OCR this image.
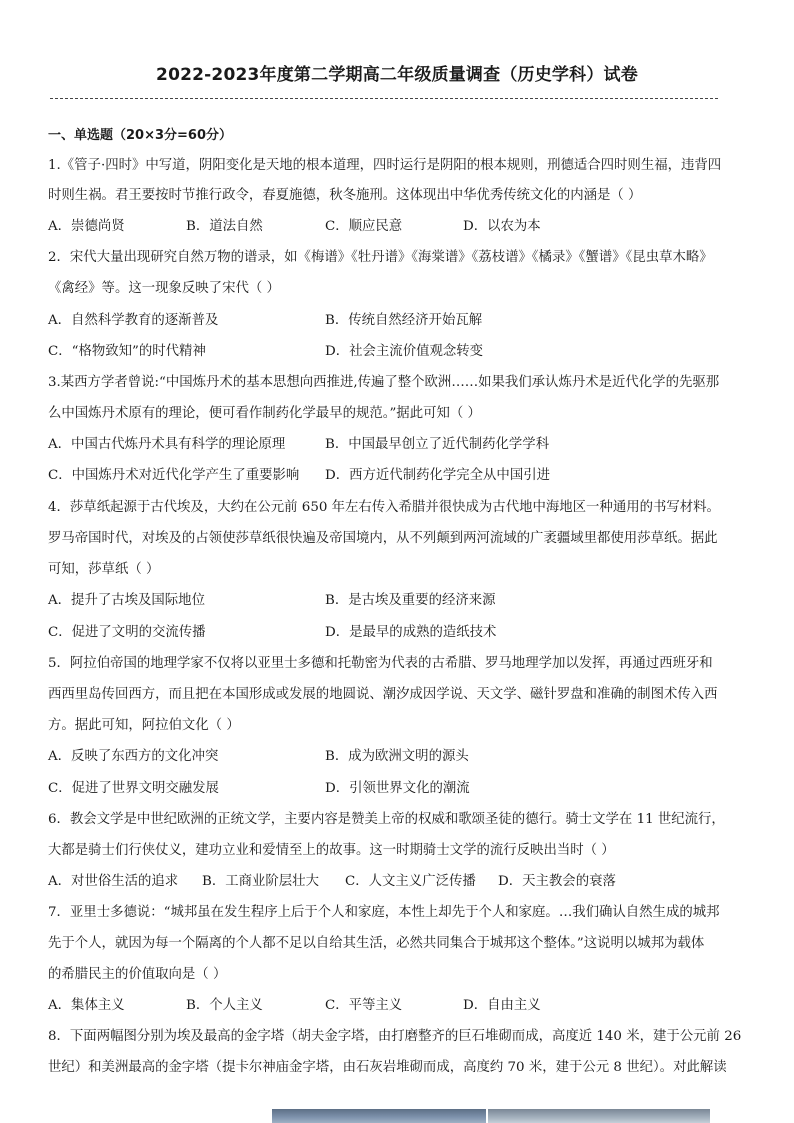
2022-2023年度第二学期高二年级质量调查（历史学科）试卷
一、单选题（20×3分=60分）
1.《管子·四时》中写道，阴阳变化是天地的根本道理，四时运行是阴阳的根本规则，刑德适合四时则生福，违背四
时则生祸。君王要按时节推行政令，春夏施德，秋冬施刑。这体现出中华优秀传统文化的内涵是（ ）
A．崇德尚贤	B．道法自然	C．顺应民意	D．以农为本
2．宋代大量出现研究自然万物的谱录，如《梅谱》《牡丹谱》《海棠谱》《荔枝谱》《橘录》《蟹谱》《昆虫草木略》
《禽经》等。这一现象反映了宋代（ ）
A．自然科学教育的逐渐普及	B．传统自然经济开始瓦解
C．“格物致知”的时代精神	D．社会主流价值观念转变
3.某西方学者曾说:“中国炼丹术的基本思想向西推进,传遍了整个欧洲……如果我们承认炼丹术是近代化学的先驱那
么中国炼丹术原有的理论，便可看作制药化学最早的规范。”据此可知（ ）
A．中国古代炼丹术具有科学的理论原理	B．中国最早创立了近代制药化学学科
C．中国炼丹术对近代化学产生了重要影响 D．西方近代制药化学完全从中国引进
4．莎草纸起源于古代埃及，大约在公元前 650 年左右传入希腊并很快成为古代地中海地区一种通用的书写材料。
罗马帝国时代，对埃及的占领使莎草纸很快遍及帝国境内，从不列颠到两河流域的广袤疆域里都使用莎草纸。据此
可知，莎草纸（ ）
A．提升了古埃及国际地位	B．是古埃及重要的经济来源
C．促进了文明的交流传播	D．是最早的成熟的造纸技术
5．阿拉伯帝国的地理学家不仅将以亚里士多德和托勒密为代表的古希腊、罗马地理学加以发挥，再通过西班牙和
西西里岛传回西方，而且把在本国形成或发展的地圆说、潮汐成因学说、天文学、磁针罗盘和准确的制图术传入西
方。据此可知，阿拉伯文化（ ）
A．反映了东西方的文化冲突	B．成为欧洲文明的源头
C．促进了世界文明交融发展	D．引领世界文化的潮流
6．教会文学是中世纪欧洲的正统文学，主要内容是赞美上帝的权威和歌颂圣徒的德行。骑士文学在 11 世纪流行，
大都是骑士们行侠仗义，建功立业和爱情至上的故事。这一时期骑士文学的流行反映出当时（ ）
A．对世俗生活的追求 B．工商业阶层壮大 C．人文主义广泛传播 D．天主教会的衰落
7．亚里士多德说：“城邦虽在发生程序上后于个人和家庭，本性上却先于个人和家庭。…我们确认自然生成的城邦
先于个人，就因为每一个隔离的个人都不足以自给其生活，必然共同集合于城邦这个整体。”这说明以城邦为载体
的希腊民主的价值取向是（ ）
A．集体主义	B．个人主义	C．平等主义	D．自由主义
8．下面两幅图分别为埃及最高的金字塔（胡夫金字塔，由打磨整齐的巨石堆砌而成，高度近 140 米，建于公元前 26
世纪）和美洲最高的金字塔（提卡尔神庙金字塔，由石灰岩堆砌而成，高度约 70 米，建于公元 8 世纪）。对此解读
